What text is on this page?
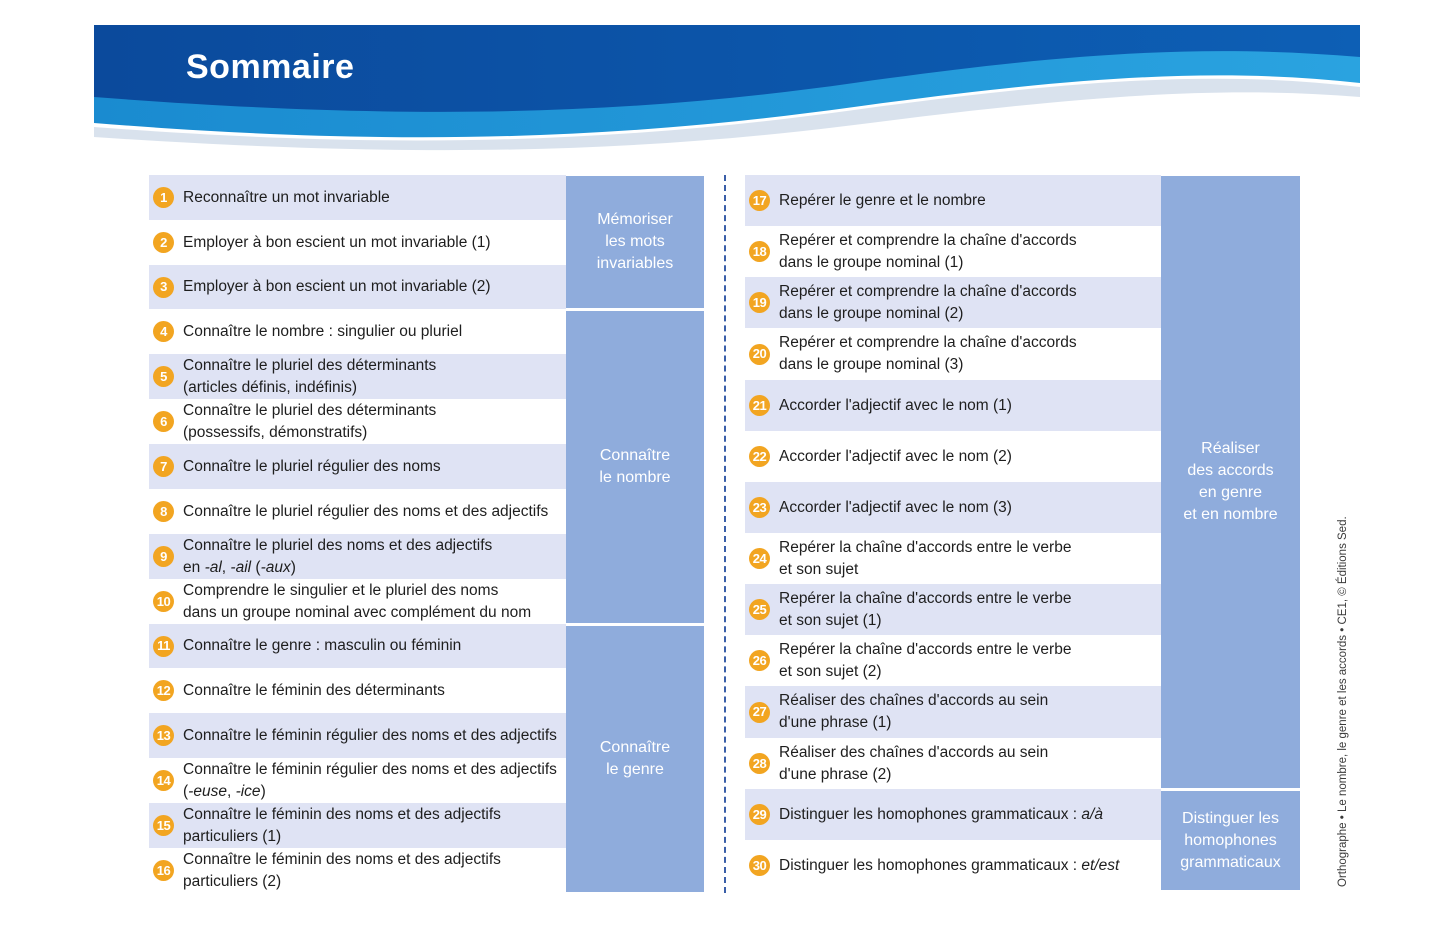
Sommaire
1	Reconnaître un mot invariable
2	Employer à bon escient un mot invariable (1)
3	Employer à bon escient un mot invariable (2)
4	Connaître le nombre : singulier ou pluriel
5
Connaître le pluriel des déterminants
(articles définis, indéfinis)
6
Connaître le pluriel des déterminants
(possessifs, démonstratifs)
7	Connaître le pluriel régulier des noms
8	Connaître le pluriel régulier des noms et des adjectifs
9
Connaître le pluriel des noms et des adjectifs
en -al, -ail (-aux)
10
Comprendre le singulier et le pluriel des noms
dans un groupe nominal avec complément du nom
11 Connaître le genre : masculin ou féminin
12 Connaître le féminin des déterminants
13 Connaître le féminin régulier des noms et des adjectifs
14
Connaître le féminin régulier des noms et des adjectifs
(-euse, -ice)
15
Connaître le féminin des noms et des adjectifs
particuliers (1)
16
Connaître le féminin des noms et des adjectifs
particuliers (2)
Mémoriser
les mots
invariables
Connaître
le nombre
Connaître
le genre
17 Repérer le genre et le nombre
18
Repérer et comprendre la chaîne d'accords
dans le groupe nominal (1)
19
Repérer et comprendre la chaîne d'accords
dans le groupe nominal (2)
20
Repérer et comprendre la chaîne d'accords
dans le groupe nominal (3)
21 Accorder l'adjectif avec le nom (1)
22 Accorder l'adjectif avec le nom (2)
23 Accorder l'adjectif avec le nom (3)
24
Repérer la chaîne d'accords entre le verbe
et son sujet
25
Repérer la chaîne d'accords entre le verbe
et son sujet (1)
26
Repérer la chaîne d'accords entre le verbe
et son sujet (2)
27
Réaliser des chaînes d'accords au sein
d'une phrase (1)
28
Réaliser des chaînes d'accords au sein
d'une phrase (2)
29 Distinguer les homophones grammaticaux : a/à
30 Distinguer les homophones grammaticaux : et/est
Réaliser
des accords
en genre
et en nombre
Distinguer les
homophones
grammaticaux	Orthographe • Le nombre, le genre et les accords • CE1, © Éditions Sed.
